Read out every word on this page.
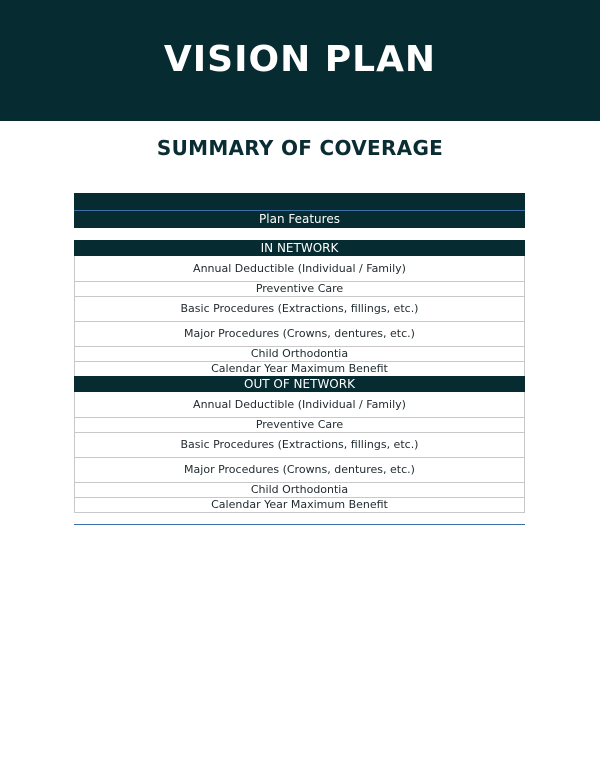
VISION PLAN
SUMMARY OF COVERAGE
Plan Features
IN NETWORK
Annual Deductible (Individual / Family)
Preventive Care
Basic Procedures (Extractions, fillings, etc.)
Major Procedures (Crowns, dentures, etc.)
Child Orthodontia
Calendar Year Maximum Benefit
OUT OF NETWORK
Annual Deductible (Individual / Family)
Preventive Care
Basic Procedures (Extractions, fillings, etc.)
Major Procedures (Crowns, dentures, etc.)
Child Orthodontia
Calendar Year Maximum Benefit
